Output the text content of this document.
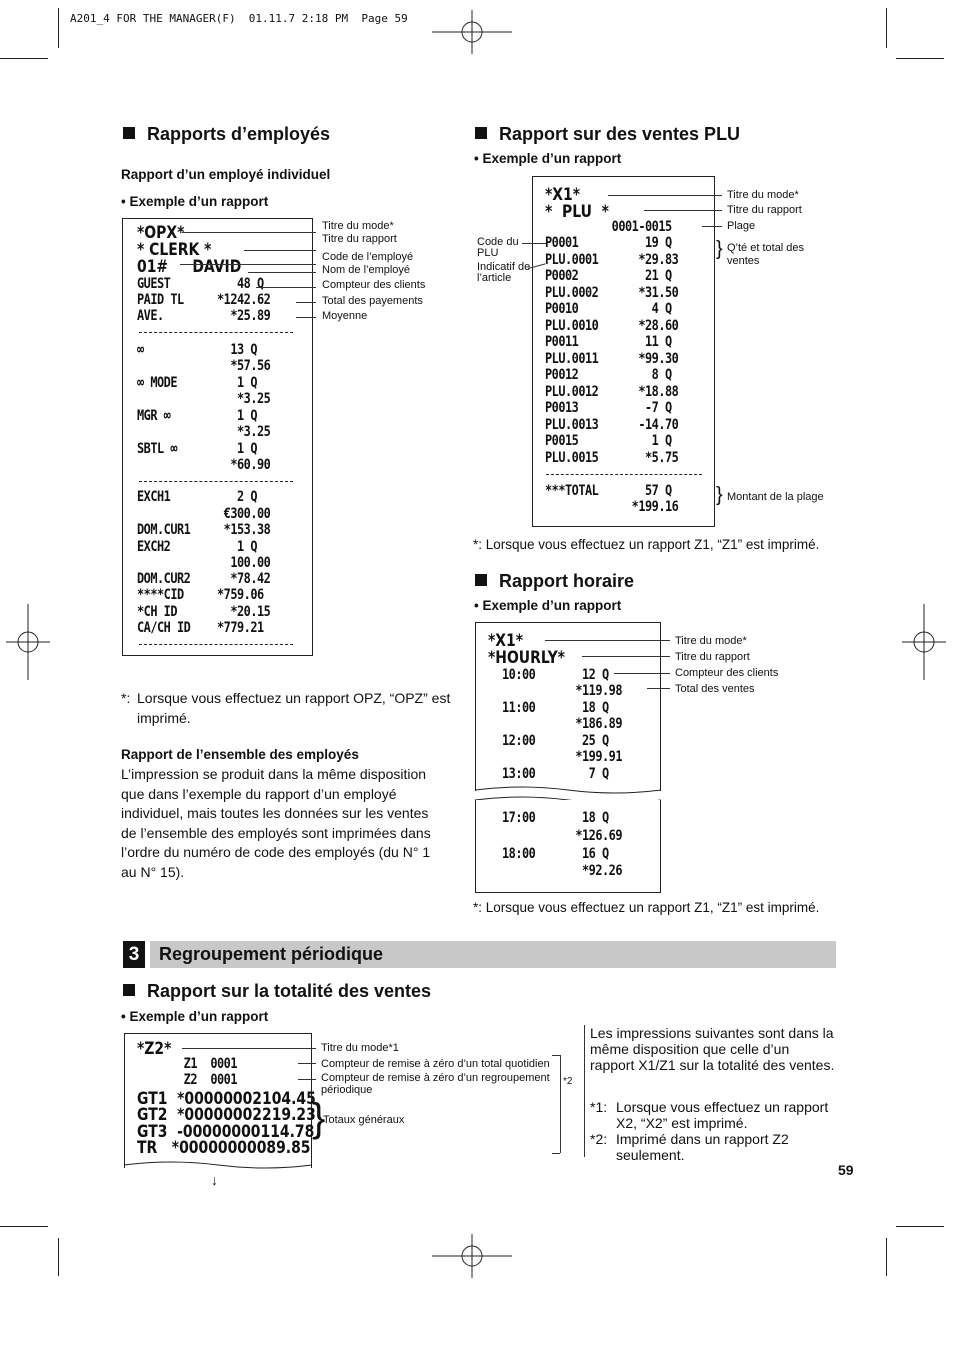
A201_4 FOR THE MANAGER(F)  01.11.7 2:18 PM  Page 59
Rapports d’employés
Rapport d’un employé individuel
• Exemple d’un rapport
*OPX*
* CLERK *
01#     DAVID
GUEST          48 Q
PAID TL     *1242.62
AVE.          *25.89
∞             13 Q
*57.56
∞ MODE         1 Q
*3.25
MGR ∞          1 Q
*3.25
SBTL ∞         1 Q
*60.90
EXCH1          2 Q
€300.00
DOM.CUR1     *153.38
EXCH2          1 Q
100.00
DOM.CUR2      *78.42
****CID     *759.06
*CH ID        *20.15
CA/CH ID    *779.21
Titre du mode*
Titre du rapport
Code de l’employé
Nom de l’employé
Compteur des clients
Total des payements
Moyenne
*: Lorsque vous effectuez un rapport OPZ, “OPZ” est imprimé.
Rapport de l’ensemble des employés
L’impression se produit dans la même disposition que dans l’exemple du rapport d’un employé individuel, mais toutes les données sur les ventes de l’ensemble des employés sont imprimées dans l’ordre du numéro de code des employés (du N° 1 au N° 15).
Rapport sur des ventes PLU
• Exemple d’un rapport
*X1*
*  PLU  *
0001-0015
P0001          19 Q
PLU.0001      *29.83
P0002          21 Q
PLU.0002      *31.50
P0010           4 Q
PLU.0010      *28.60
P0011          11 Q
PLU.0011      *99.30
P0012           8 Q
PLU.0012      *18.88
P0013          -7 Q
PLU.0013      -14.70
P0015           1 Q
PLU.0015       *5.75
***TOTAL       57 Q
*199.16
Titre du mode*
Titre du rapport
Plage
} Q’té et total des ventes
} Montant de la plage
Code du PLU
Indicatif de l’article
*: Lorsque vous effectuez un rapport Z1, “Z1” est imprimé.
Rapport horaire
• Exemple d’un rapport
*X1*
*HOURLY*
10:00       12 Q
*119.98
11:00       18 Q
*186.89
12:00       25 Q
*199.91
13:00        7 Q
17:00       18 Q
*126.69
18:00       16 Q
*92.26
Titre du mode*
Titre du rapport
Compteur des clients
Total des ventes
*: Lorsque vous effectuez un rapport Z1, “Z1” est imprimé.
3	Regroupement périodique
Rapport sur la totalité des ventes
• Exemple d’un rapport
*Z2*
Z1  0001
Z2  0001
GT1  *00000002104.45
GT2  *00000002219.23
GT3  -00000000114.78
TR   *00000000089.85
↓
Titre du mode*1
Compteur de remise à zéro d’un total quotidien
Compteur de remise à zéro d’un regroupement périodique
*2
}
Totaux généraux
Les impressions suivantes sont dans la même disposition que celle d’un rapport X1/Z1 sur la totalité des ventes.
*1: Lorsque vous effectuez un rapport X2, “X2” est imprimé.
*2: Imprimé dans un rapport Z2 seulement.
59
